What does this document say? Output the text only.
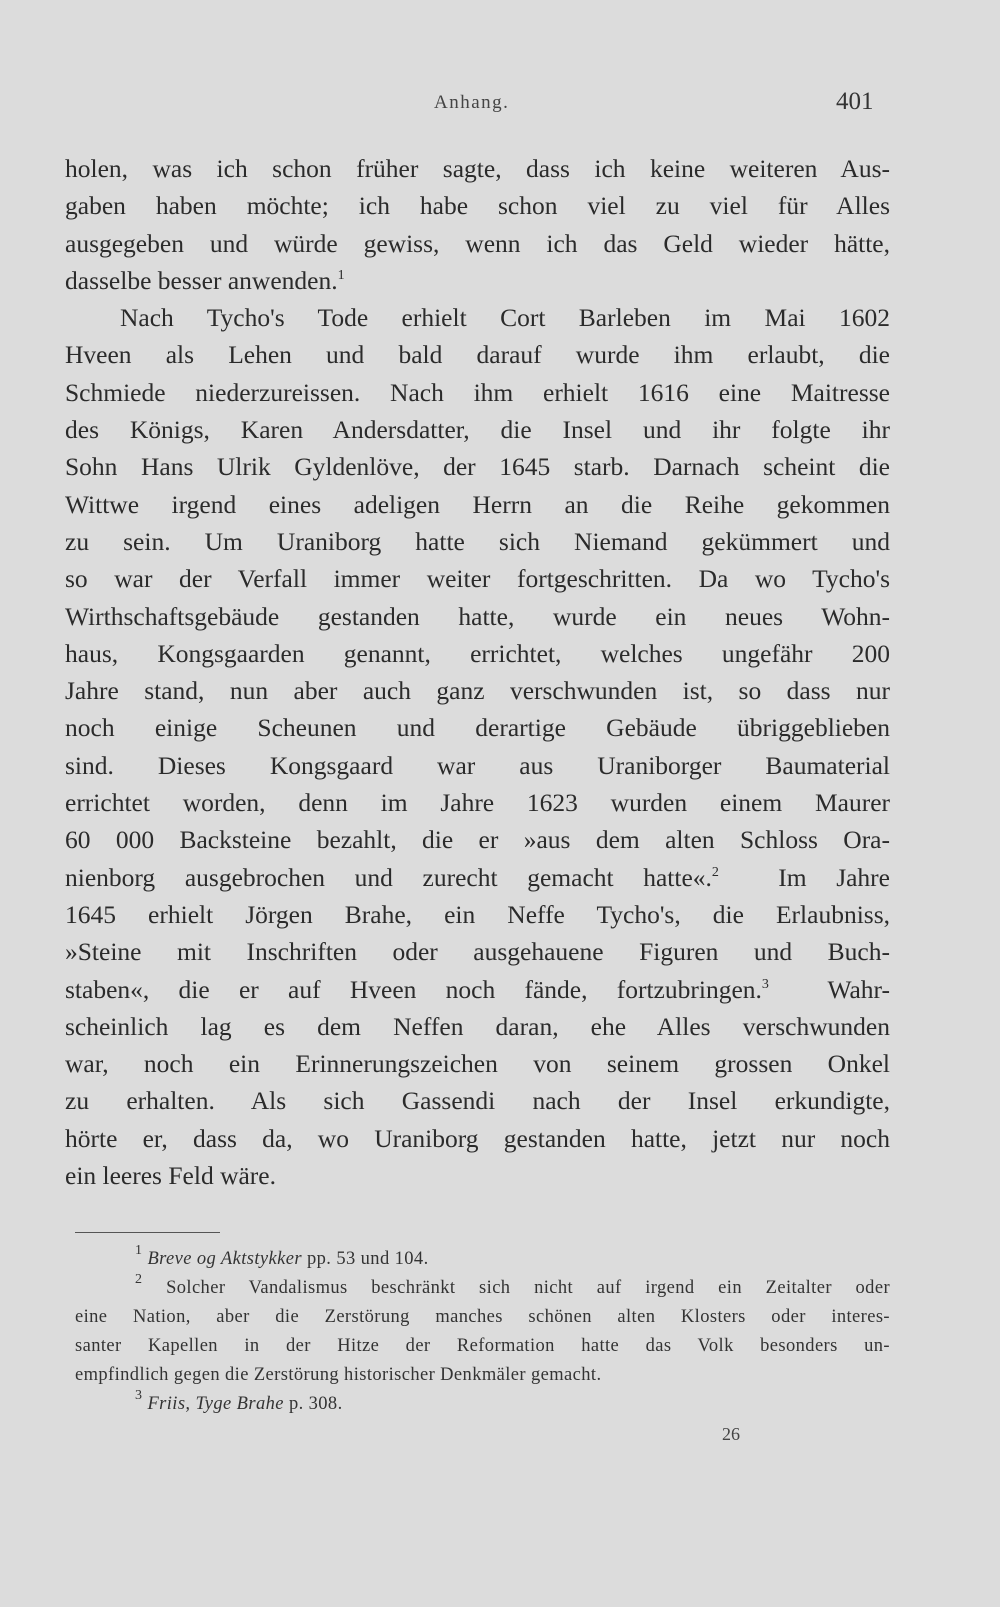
Anhang.	401
holen, was ich schon früher sagte, dass ich keine weiteren Aus-
gaben haben möchte; ich habe schon viel zu viel für Alles
ausgegeben und würde gewiss, wenn ich das Geld wieder hätte,
dasselbe besser anwenden.$^1$
Nach Tycho's Tode erhielt Cort Barleben im Mai 1602
Hveen als Lehen und bald darauf wurde ihm erlaubt, die
Schmiede niederzureissen. Nach ihm erhielt 1616 eine Maitresse
des Königs, Karen Andersdatter, die Insel und ihr folgte ihr
Sohn Hans Ulrik Gyldenlöve, der 1645 starb. Darnach scheint die
Wittwe irgend eines adeligen Herrn an die Reihe gekommen
zu sein. Um Uraniborg hatte sich Niemand gekümmert und
so war der Verfall immer weiter fortgeschritten. Da wo Tycho's
Wirthschaftsgebäude gestanden hatte, wurde ein neues Wohn-
haus, Kongsgaarden genannt, errichtet, welches ungefähr 200
Jahre stand, nun aber auch ganz verschwunden ist, so dass nur
noch einige Scheunen und derartige Gebäude übriggeblieben
sind. Dieses Kongsgaard war aus Uraniborger Baumaterial
errichtet worden, denn im Jahre 1623 wurden einem Maurer
60 000 Backsteine bezahlt, die er »aus dem alten Schloss Ora-
nienborg ausgebrochen und zurecht gemacht hatte«.$^2$ Im Jahre
1645 erhielt Jörgen Brahe, ein Neffe Tycho's, die Erlaubniss,
»Steine mit Inschriften oder ausgehauene Figuren und Buch-
staben«, die er auf Hveen noch fände, fortzubringen.$^3$ Wahr-
scheinlich lag es dem Neffen daran, ehe Alles verschwunden
war, noch ein Erinnerungszeichen von seinem grossen Onkel
zu erhalten. Als sich Gassendi nach der Insel erkundigte,
hörte er, dass da, wo Uraniborg gestanden hatte, jetzt nur noch
ein leeres Feld wäre.
$^1$ Breve og Aktstykker pp. 53 und 104.
$^2$ Solcher Vandalismus beschränkt sich nicht auf irgend ein Zeitalter oder
eine Nation, aber die Zerstörung manches schönen alten Klosters oder interes-
santer Kapellen in der Hitze der Reformation hatte das Volk besonders un-
empfindlich gegen die Zerstörung historischer Denkmäler gemacht.
$^3$ Friis, Tyge Brahe p. 308.
26
